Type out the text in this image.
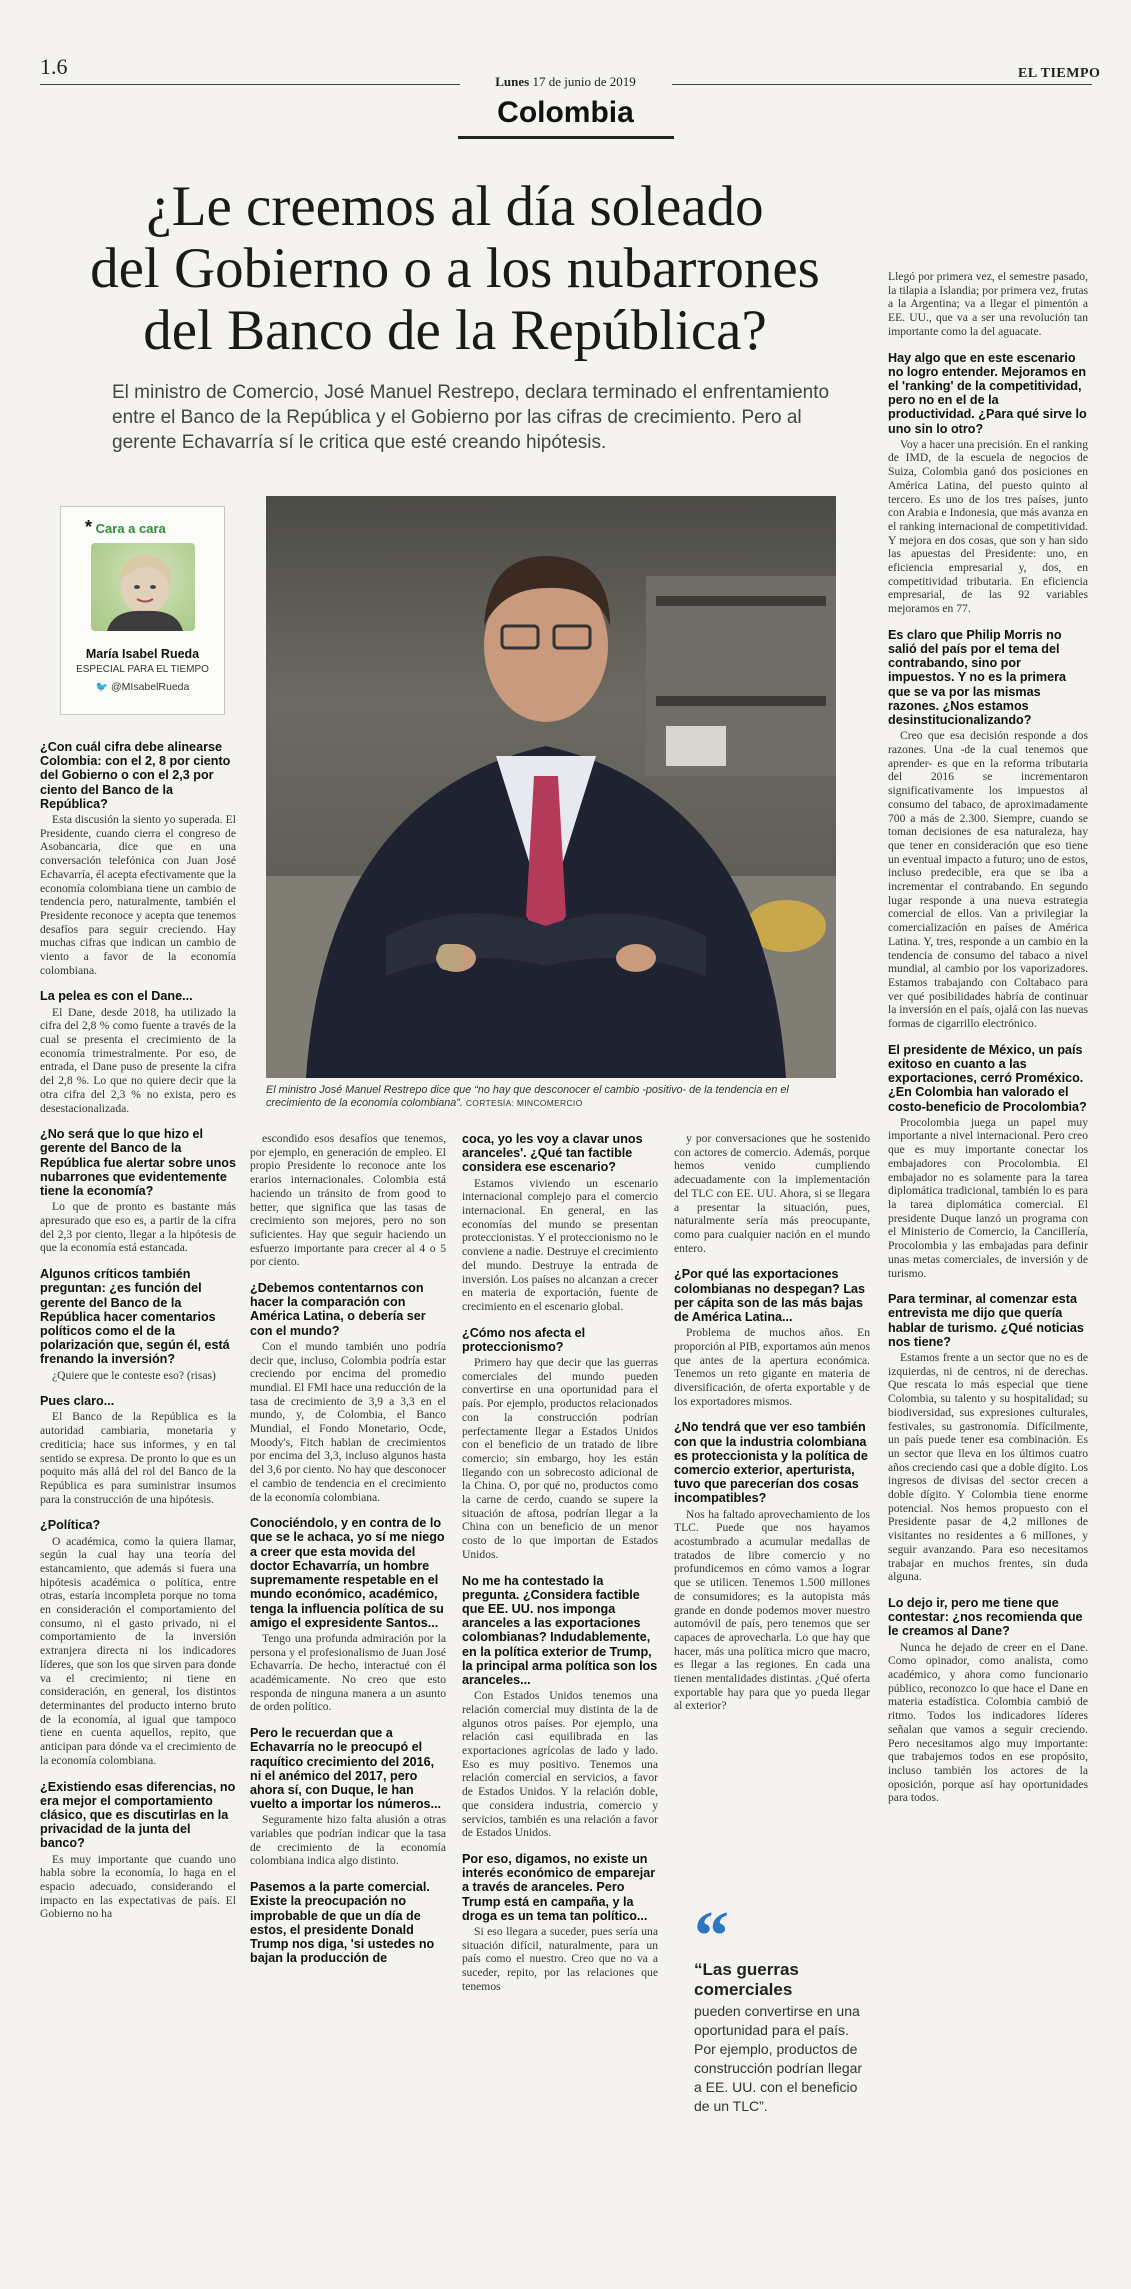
1.6
Lunes 17 de junio de 2019
EL TIEMPO
Colombia
¿Le creemos al día soleado
del Gobierno o a los nubarrones
del Banco de la República?
El ministro de Comercio, José Manuel Restrepo, declara terminado el enfrentamiento entre el Banco de la República y el Gobierno por las cifras de crecimiento. Pero al gerente Echavarría sí le critica que esté creando hipótesis.
* Cara a cara
María Isabel Rueda
ESPECIAL PARA EL TIEMPO
🐦 @MIsabelRueda
El ministro José Manuel Restrepo dice que “no hay que desconocer el cambio -positivo- de la tendencia en el crecimiento de la economía colombiana”. CORTESÍA: MINCOMERCIO
¿Con cuál cifra debe alinearse Colombia: con el 2, 8 por ciento del Gobierno o con el 2,3 por ciento del Banco de la República?

Esta discusión la siento yo superada. El Presidente, cuando cierra el congreso de Asobancaria, dice que en una conversación telefónica con Juan José Echavarría, él acepta efectivamente que la economía colombiana tiene un cambio de tendencia pero, naturalmente, también el Presidente reconoce y acepta que tenemos desafíos para seguir creciendo. Hay muchas cifras que indican un cambio de viento a favor de la economía colombiana.

La pelea es con el Dane...

El Dane, desde 2018, ha utilizado la cifra del 2,8 % como fuente a través de la cual se presenta el crecimiento de la economía trimestralmente. Por eso, de entrada, el Dane puso de presente la cifra del 2,8 %. Lo que no quiere decir que la otra cifra del 2,3 % no exista, pero es desestacionalizada.

¿No será que lo que hizo el gerente del Banco de la República fue alertar sobre unos nubarrones que evidentemente tiene la economía?

Lo que de pronto es bastante más apresurado que eso es, a partir de la cifra del 2,3 por ciento, llegar a la hipótesis de que la economía está estancada.

Algunos críticos también preguntan: ¿es función del gerente del Banco de la República hacer comentarios políticos como el de la polarización que, según él, está frenando la inversión?

¿Quiere que le conteste eso? (risas)

Pues claro...

El Banco de la República es la autoridad cambiaria, monetaria y crediticia; hace sus informes, y en tal sentido se expresa. De pronto lo que es un poquito más allá del rol del Banco de la República es para suministrar insumos para la construcción de una hipótesis.

¿Política?

O académica, como la quiera llamar, según la cual hay una teoría del estancamiento, que además si fuera una hipótesis académica o política, entre otras, estaría incompleta porque no toma en consideración el comportamiento del consumo, ni el gasto privado, ni el comportamiento de la inversión extranjera directa ni los indicadores líderes, que son los que sirven para donde va el crecimiento; ni tiene en consideración, en general, los distintos determinantes del producto interno bruto de la economía, al igual que tampoco tiene en cuenta aquellos, repito, que anticipan para dónde va el crecimiento de la economía colombiana.

¿Existiendo esas diferencias, no era mejor el comportamiento clásico, que es discutirlas en la privacidad de la junta del banco?

Es muy importante que cuando uno habla sobre la economía, lo haga en el espacio adecuado, considerando el impacto en las expectativas de país. El Gobierno no ha

escondido esos desafíos que tenemos, por ejemplo, en generación de empleo. El propio Presidente lo reconoce ante los erarios internacionales. Colombia está haciendo un tránsito de from good to better, que significa que las tasas de crecimiento son mejores, pero no son suficientes. Hay que seguir haciendo un esfuerzo importante para crecer al 4 o 5 por ciento.

¿Debemos contentarnos con hacer la comparación con América Latina, o debería ser con el mundo?

Con el mundo también uno podría decir que, incluso, Colombia podría estar creciendo por encima del promedio mundial. El FMI hace una reducción de la tasa de crecimiento de 3,9 a 3,3 en el mundo, y, de Colombia, el Banco Mundial, el Fondo Monetario, Ocde, Moody's, Fitch hablan de crecimientos por encima del 3,3, incluso algunos hasta del 3,6 por ciento. No hay que desconocer el cambio de tendencia en el crecimiento de la economía colombiana.

Conociéndolo, y en contra de lo que se le achaca, yo sí me niego a creer que esta movida del doctor Echavarría, un hombre supremamente respetable en el mundo económico, académico, tenga la influencia política de su amigo el expresidente Santos...

Tengo una profunda admiración por la persona y el profesionalismo de Juan José Echavarría. De hecho, interactué con él académicamente. No creo que esto responda de ninguna manera a un asunto de orden político.

Pero le recuerdan que a Echavarría no le preocupó el raquítico crecimiento del 2016, ni el anémico del 2017, pero ahora sí, con Duque, le han vuelto a importar los números...

Seguramente hizo falta alusión a otras variables que podrían indicar que la tasa de crecimiento de la economía colombiana indica algo distinto.

Pasemos a la parte comercial. Existe la preocupación no improbable de que un día de estos, el presidente Donald Trump nos diga, 'si ustedes no bajan la producción de
coca, yo les voy a clavar unos aranceles'. ¿Qué tan factible considera ese escenario?

Estamos viviendo un escenario internacional complejo para el comercio internacional. En general, en las economías del mundo se presentan proteccionistas. Y el proteccionismo no le conviene a nadie. Destruye el crecimiento del mundo. Destruye la entrada de inversión. Los países no alcanzan a crecer en materia de exportación, fuente de crecimiento en el escenario global.

¿Cómo nos afecta el proteccionismo?

Primero hay que decir que las guerras comerciales del mundo pueden convertirse en una oportunidad para el país. Por ejemplo, productos relacionados con la construcción podrían perfectamente llegar a Estados Unidos con el beneficio de un tratado de libre comercio; sin embargo, hoy les están llegando con un sobrecosto adicional de la China. O, por qué no, productos como la carne de cerdo, cuando se supere la situación de aftosa, podrían llegar a la China con un beneficio de un menor costo de lo que importan de Estados Unidos.

No me ha contestado la pregunta. ¿Considera factible que EE. UU. nos imponga aranceles a las exportaciones colombianas? Indudablemente, en la política exterior de Trump, la principal arma política son los aranceles...

Con Estados Unidos tenemos una relación comercial muy distinta de la de algunos otros países. Por ejemplo, una relación casi equilibrada en las exportaciones agrícolas de lado y lado. Eso es muy positivo. Tenemos una relación comercial en servicios, a favor de Estados Unidos. Y la relación doble, que considera industria, comercio y servicios, también es una relación a favor de Estados Unidos.

Por eso, digamos, no existe un interés económico de emparejar a través de aranceles. Pero Trump está en campaña, y la droga es un tema tan político...

Si eso llegara a suceder, pues sería una situación difícil, naturalmente, para un país como el nuestro. Creo que no va a suceder, repito, por las relaciones que tenemos

y por conversaciones que he sostenido con actores de comercio. Además, porque hemos venido cumpliendo adecuadamente con la implementación del TLC con EE. UU. Ahora, si se llegara a presentar la situación, pues, naturalmente sería más preocupante, como para cualquier nación en el mundo entero.

¿Por qué las exportaciones colombianas no despegan? Las per cápita son de las más bajas de América Latina...

Problema de muchos años. En proporción al PIB, exportamos aún menos que antes de la apertura económica. Tenemos un reto gigante en materia de diversificación, de oferta exportable y de los exportadores mismos.

¿No tendrá que ver eso también con que la industria colombiana es proteccionista y la política de comercio exterior, aperturista, tuvo que parecerían dos cosas incompatibles?

Nos ha faltado aprovechamiento de los TLC. Puede que nos hayamos acostumbrado a acumular medallas de tratados de libre comercio y no profundicemos en cómo vamos a lograr que se utilicen. Tenemos 1.500 millones de consumidores; es la autopista más grande en donde podemos mover nuestro automóvil de país, pero tenemos que ser capaces de aprovecharla. Lo que hay que hacer, más una política micro que macro, es llegar a las regiones. En cada una tienen mentalidades distintas. ¿Qué oferta exportable hay para que yo pueda llegar al exterior?

Llegó por primera vez, el semestre pasado, la tilapia a Islandia; por primera vez, frutas a la Argentina; va a llegar el pimentón a EE. UU., que va a ser una revolución tan importante como la del aguacate.

Hay algo que en este escenario no logro entender. Mejoramos en el 'ranking' de la competitividad, pero no en el de la productividad. ¿Para qué sirve lo uno sin lo otro?

Voy a hacer una precisión. En el ranking de IMD, de la escuela de negocios de Suiza, Colombia ganó dos posiciones en América Latina, del puesto quinto al tercero. Es uno de los tres países, junto con Arabia e Indonesia, que más avanza en el ranking internacional de competitividad. Y mejora en dos cosas, que son y han sido las apuestas del Presidente: uno, en eficiencia empresarial y, dos, en competitividad tributaria. En eficiencia empresarial, de las 92 variables mejoramos en 77.

Es claro que Philip Morris no salió del país por el tema del contrabando, sino por impuestos. Y no es la primera que se va por las mismas razones. ¿Nos estamos desinstitucionalizando?

Creo que esa decisión responde a dos razones. Una -de la cual tenemos que aprender- es que en la reforma tributaria del 2016 se incrementaron significativamente los impuestos al consumo del tabaco, de aproximadamente 700 a más de 2.300. Siempre, cuando se toman decisiones de esa naturaleza, hay que tener en consideración que eso tiene un eventual impacto a futuro; uno de estos, incluso predecible, era que se iba a incrementar el contrabando. En segundo lugar responde a una nueva estrategia comercial de ellos. Van a privilegiar la comercialización en países de América Latina. Y, tres, responde a un cambio en la tendencia de consumo del tabaco a nivel mundial, al cambio por los vaporizadores. Estamos trabajando con Coltabaco para ver qué posibilidades habría de continuar la inversión en el país, ojalá con las nuevas formas de cigarrillo electrónico.

El presidente de México, un país exitoso en cuanto a las exportaciones, cerró Proméxico. ¿En Colombia han valorado el costo-beneficio de Procolombia?

Procolombia juega un papel muy importante a nivel internacional. Pero creo que es muy importante conectar los embajadores con Procolombia. El embajador no es solamente para la tarea diplomática tradicional, también lo es para la tarea diplomática comercial. El presidente Duque lanzó un programa con el Ministerio de Comercio, la Cancillería, Procolombia y las embajadas para definir unas metas comerciales, de inversión y de turismo.

Para terminar, al comenzar esta entrevista me dijo que quería hablar de turismo. ¿Qué noticias nos tiene?

Estamos frente a un sector que no es de izquierdas, ni de centros, ni de derechas. Que rescata lo más especial que tiene Colombia, su talento y su hospitalidad; su biodiversidad, sus expresiones culturales, festivales, su gastronomía. Difícilmente, un país puede tener esa combinación. Es un sector que lleva en los últimos cuatro años creciendo casi que a doble dígito. Los ingresos de divisas del sector crecen a doble dígito. Y Colombia tiene enorme potencial. Nos hemos propuesto con el Presidente pasar de 4,2 millones de visitantes no residentes a 6 millones, y seguir avanzando. Para eso necesitamos trabajar en muchos frentes, sin duda alguna.

Lo dejo ir, pero me tiene que contestar: ¿nos recomienda que le creamos al Dane?

Nunca he dejado de creer en el Dane. Como opinador, como analista, como académico, y ahora como funcionario público, reconozco lo que hace el Dane en materia estadística. Colombia cambió de ritmo. Todos los indicadores líderes señalan que vamos a seguir creciendo. Pero necesitamos algo muy importante: que trabajemos todos en ese propósito, incluso también los actores de la oposición, porque así hay oportunidades para todos.

“
“Las guerras comerciales
pueden convertirse en una oportunidad para el país. Por ejemplo, productos de construcción podrían llegar a EE. UU. con el beneficio de un TLC”.
